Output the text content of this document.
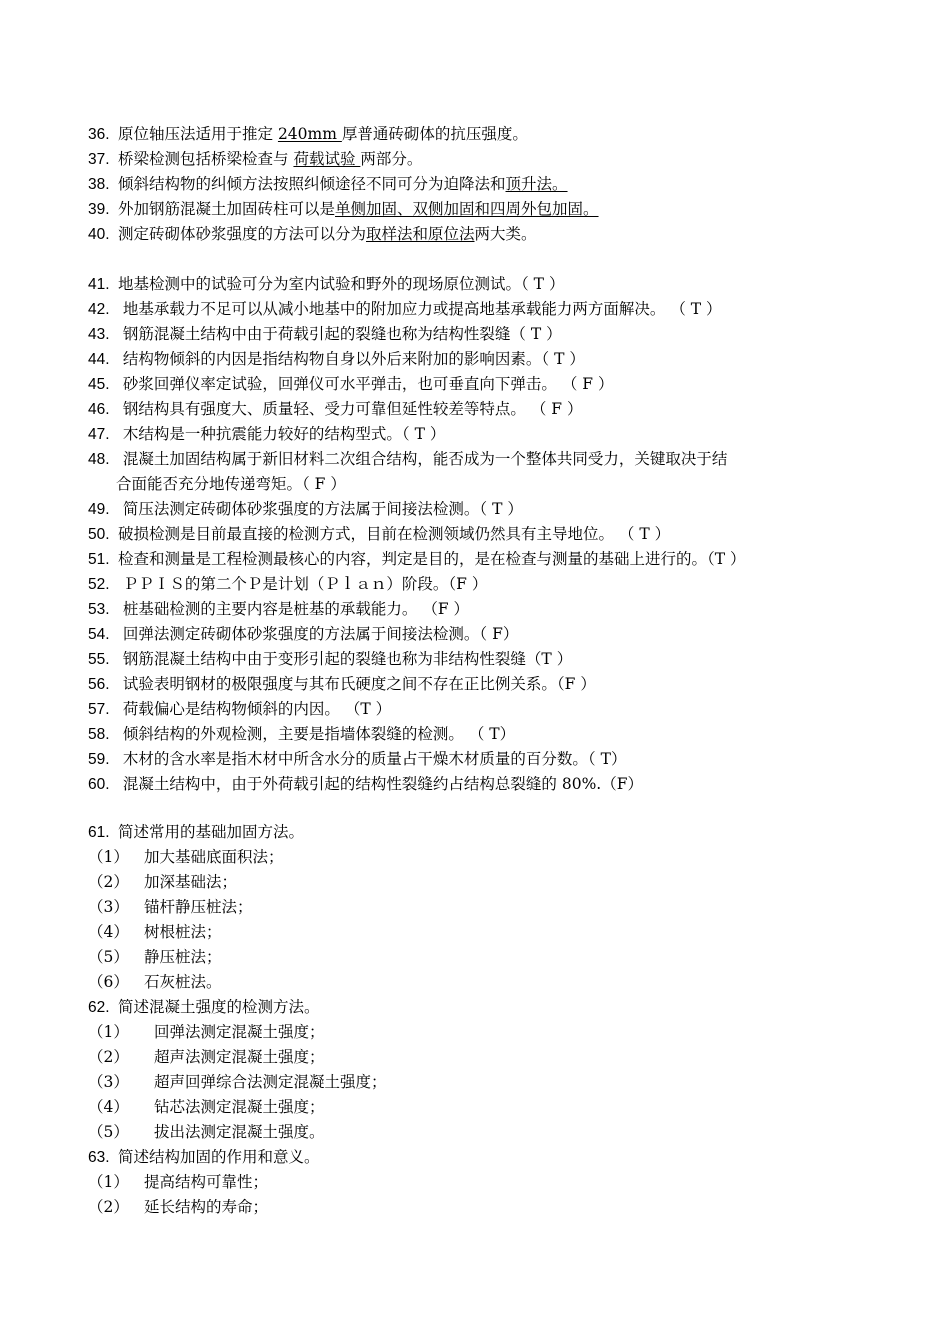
36. 原位轴压法适用于推定 240mm 厚普通砖砌体的抗压强度。
37. 桥梁检测包括桥梁检查与 荷载试验 两部分。
38. 倾斜结构物的纠倾方法按照纠倾途径不同可分为迫降法和顶升法。
39. 外加钢筋混凝土加固砖柱可以是单侧加固、双侧加固和四周外包加固。
40. 测定砖砌体砂浆强度的方法可以分为取样法和原位法两大类。
41. 地基检测中的试验可分为室内试验和野外的现场原位测试。（ T ）
42. 地基承载力不足可以从减小地基中的附加应力或提高地基承载能力两方面解决。 （ T ）
43. 钢筋混凝土结构中由于荷载引起的裂缝也称为结构性裂缝（ T ）
44. 结构物倾斜的内因是指结构物自身以外后来附加的影响因素。（ T ）
45. 砂浆回弹仪率定试验，回弹仪可水平弹击，也可垂直向下弹击。 （ F ）
46. 钢结构具有强度大、质量轻、受力可靠但延性较差等特点。 （ F ）
47. 木结构是一种抗震能力较好的结构型式。（ T ）
48. 混凝土加固结构属于新旧材料二次组合结构，能否成为一个整体共同受力，关键取决于结
合面能否充分地传递弯矩。（ F ）
49. 简压法测定砖砌体砂浆强度的方法属于间接法检测。（ T ）
50. 破损检测是目前最直接的检测方式，目前在检测领域仍然具有主导地位。 （ T ）
51. 检查和测量是工程检测最核心的内容，判定是目的，是在检查与测量的基础上进行的。（T ）
52. ＰＰＩＳ的第二个Ｐ是计划（Ｐｌａｎ）阶段。（F ）
53. 桩基础检测的主要内容是桩基的承载能力。 （F ）
54. 回弹法测定砖砌体砂浆强度的方法属于间接法检测。（ F）
55. 钢筋混凝土结构中由于变形引起的裂缝也称为非结构性裂缝（T ）
56. 试验表明钢材的极限强度与其布氏硬度之间不存在正比例关系。（F ）
57. 荷载偏心是结构物倾斜的内因。 （T ）
58. 倾斜结构的外观检测，主要是指墙体裂缝的检测。 （ T）
59. 木材的含水率是指木材中所含水分的质量占干燥木材质量的百分数。（ T）
60. 混凝土结构中，由于外荷载引起的结构性裂缝约占结构总裂缝的 80%.（F）
61. 简述常用的基础加固方法。
（1） 加大基础底面积法；
（2） 加深基础法；
（3） 锚杆静压桩法；
（4） 树根桩法；
（5） 静压桩法；
（6） 石灰桩法。
62. 简述混凝土强度的检测方法。
（1） 回弹法测定混凝土强度；
（2） 超声法测定混凝土强度；
（3） 超声回弹综合法测定混凝土强度；
（4） 钻芯法测定混凝土强度；
（5） 拔出法测定混凝土强度。
63. 简述结构加固的作用和意义。
（1） 提高结构可靠性；
（2） 延长结构的寿命；
